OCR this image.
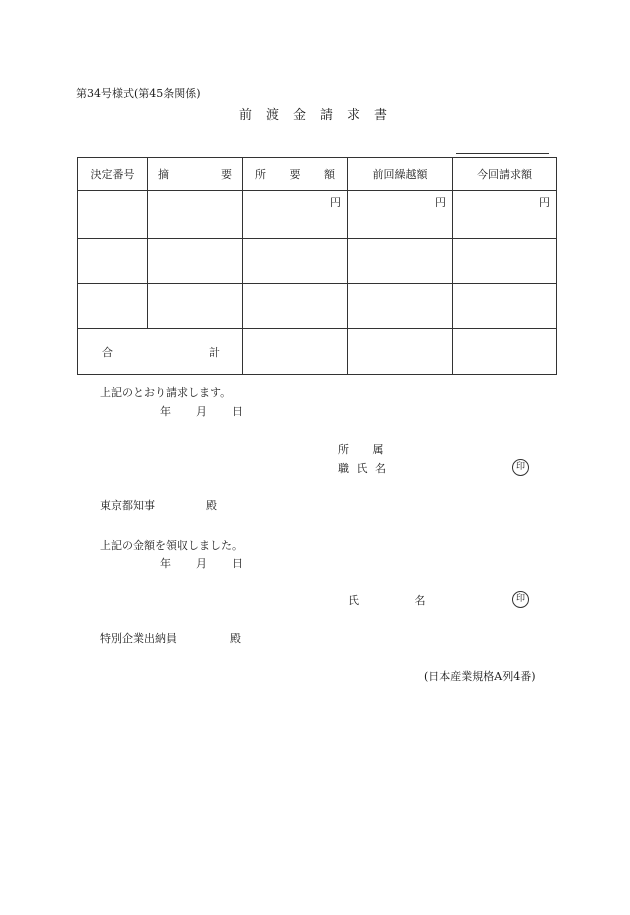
第34号様式(第45条関係)
前渡金請求書
決定番号	摘 要	所 要 額	前回繰越額	今回請求額
		円	円	円

合 計				

上記のとおり請求します。
年 月 日
所 属
職 氏 名	印
東京都知事	殿
上記の金額を領収しました。
年 月 日
氏 名	印
特別企業出納員	殿
(日本産業規格A列4番)
